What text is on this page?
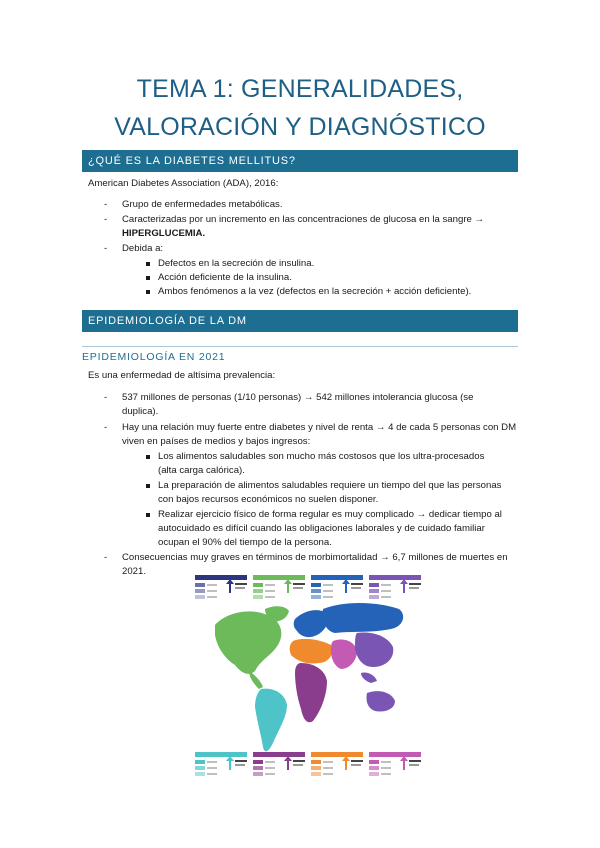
TEMA 1: GENERALIDADES,
VALORACIÓN Y DIAGNÓSTICO
¿QUÉ ES LA DIABETES MELLITUS?
American Diabetes Association (ADA), 2016:
- Grupo de enfermedades metabólicas.
- Caracterizadas por un incremento en las concentraciones de glucosa en la sangre →
HIPERGLUCEMIA.
- Debida a:
Defectos en la secreción de insulina.
Acción deficiente de la insulina.
Ambos fenómenos a la vez (defectos en la secreción + acción deficiente).
EPIDEMIOLOGÍA DE LA DM
EPIDEMIOLOGÍA EN 2021
Es una enfermedad de altísima prevalencia:
- 537 millones de personas (1/10 personas) → 542 millones intolerancia glucosa (se
duplica).
- Hay una relación muy fuerte entre diabetes y nivel de renta → 4 de cada 5 personas con DM
viven en países de medios y bajos ingresos:
Los alimentos saludables son mucho más costosos que los ultra-procesados
(alta carga calórica).
La preparación de alimentos saludables requiere un tiempo del que las personas
con bajos recursos económicos no suelen disponer.
Realizar ejercicio físico de forma regular es muy complicado → dedicar tiempo al
autocuidado es difícil cuando las obligaciones laborales y de cuidado familiar
ocupan el 90% del tiempo de la persona.
- Consecuencias muy graves en términos de morbimortalidad → 6,7 millones de muertes en
2021.
